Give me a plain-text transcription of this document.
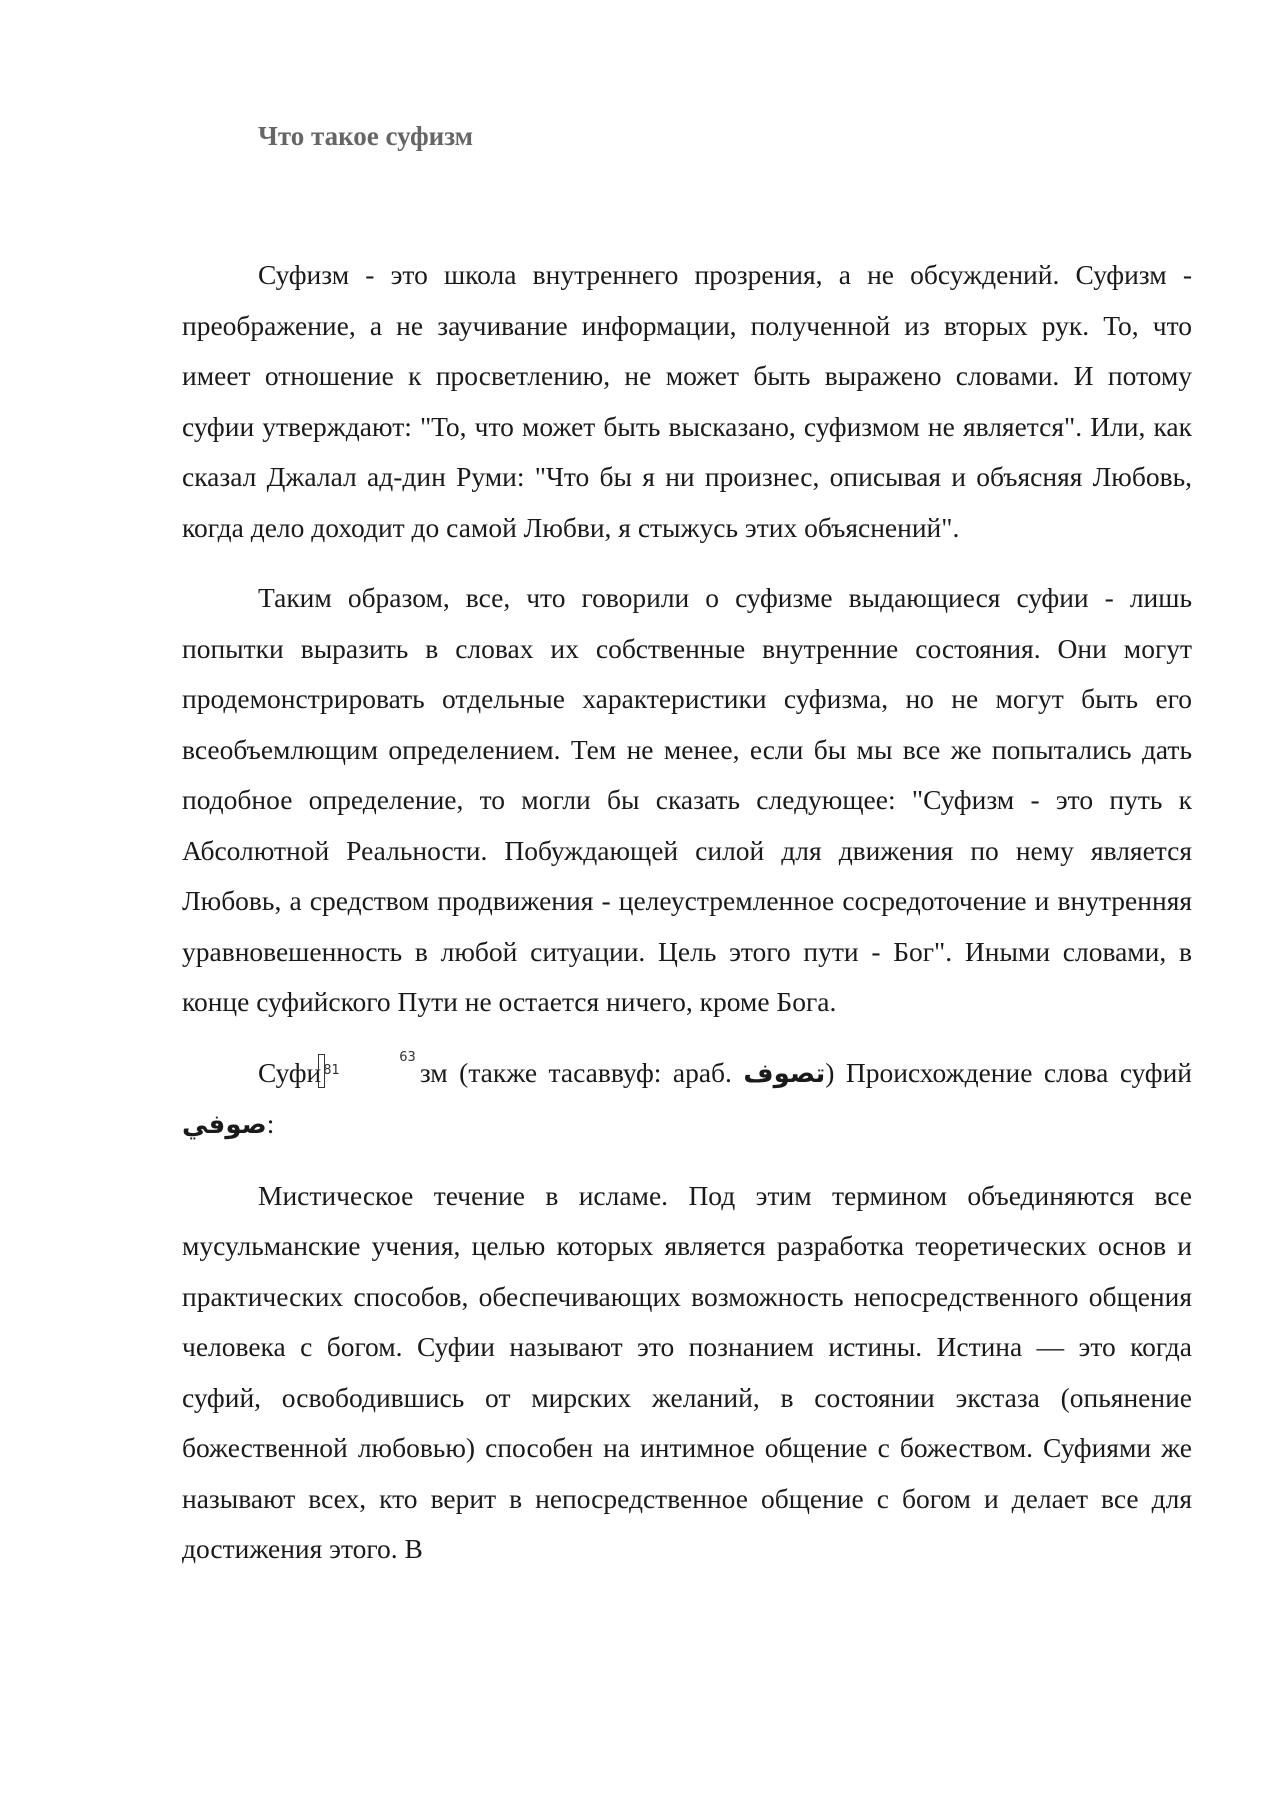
Что такое суфизм

Суфизм - это школа внутреннего прозрения, а не обсуждений. Суфизм - преображение, а не заучивание информации, полученной из вторых рук. То, что имеет отношение к просветлению, не может быть выражено словами. И потому суфии утверждают: "То, что может быть высказано, суфизмом не является". Или, как сказал Джалал ад-дин Руми: "Что бы я ни произнес, описывая и объясняя Любовь, когда дело доходит до самой Любви, я стыжусь этих объяснений".

Таким образом, все, что говорили о суфизме выдающиеся суфии - лишь попытки выразить в словах их собственные внутренние состояния. Они могут продемонстрировать отдельные характеристики суфизма, но не могут быть его всеобъемлющим определением. Тем не менее, если бы мы все же попытались дать подобное определение, то могли бы сказать следующее: "Суфизм - это путь к Абсолютной Реальности. Побуждающей силой для движения по нему является Любовь, а средством продвижения - целеустремленное сосредоточение и внутренняя уравновешенность в любой ситуации. Цель этого пути - Бог". Иными словами, в конце суфийского Пути не остается ничего, кроме Бога.

Суфи	63
81	зм (также тасаввуф: араб. تصوف) Происхождение слова суфий صوفي:

Мистическое течение в исламе. Под этим термином объединяются все мусульманские учения, целью которых является разработка теоретических основ и практических способов, обеспечивающих возможность непосредственного общения человека с богом. Суфии называют это познанием истины. Истина — это когда суфий, освободившись от мирских желаний, в состоянии экстаза (опьянение божественной любовью) способен на интимное общение с божеством. Суфиями же называют всех, кто верит в непосредственное общение с богом и делает все для достижения этого. В
